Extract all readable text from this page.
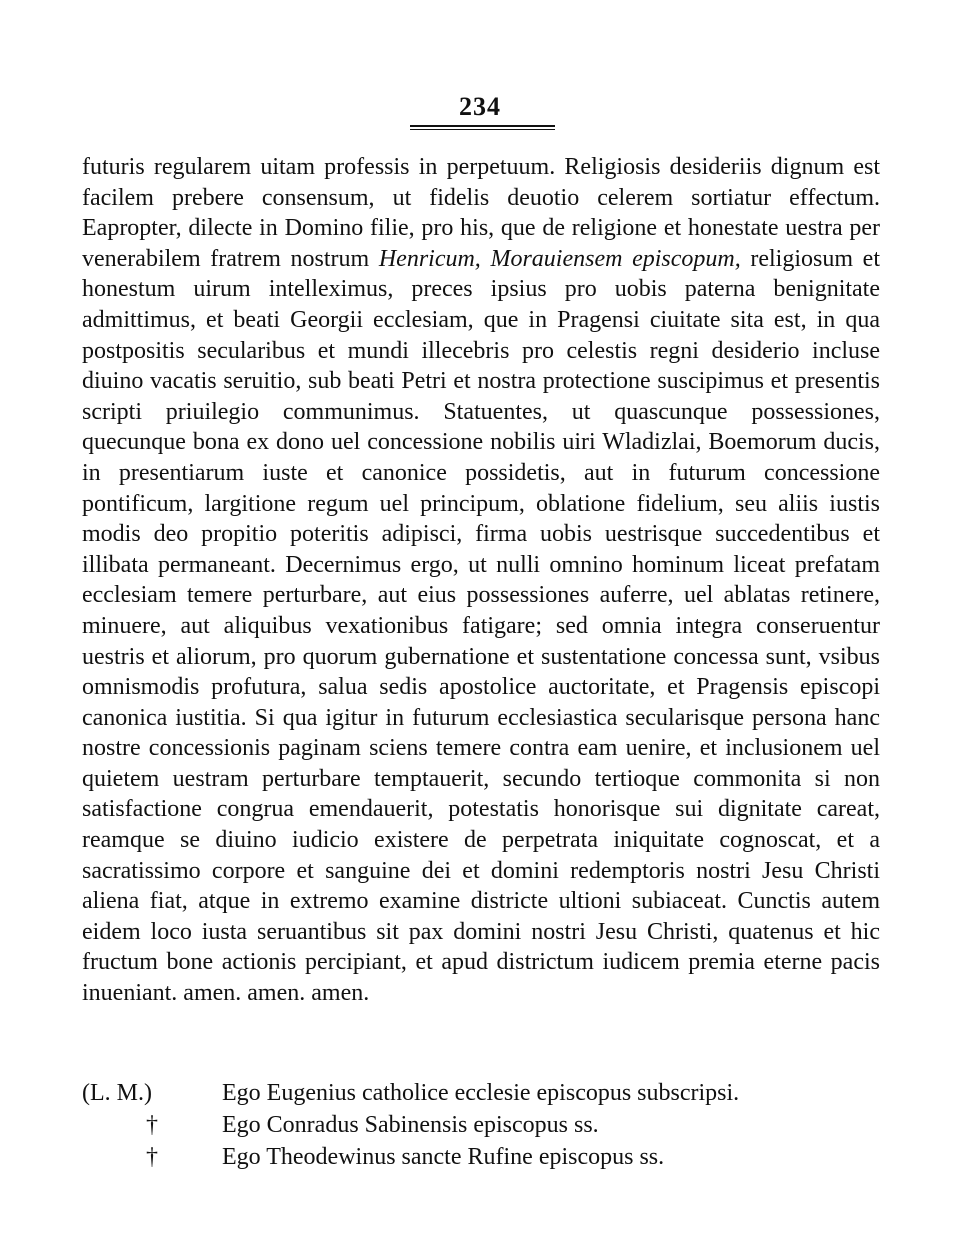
234

futuris regularem uitam professis in perpetuum. Religiosis desideriis dignum est facilem prebere consensum, ut fidelis deuotio celerem sortiatur effectum. Eapropter, dilecte in Domino filie, pro his, que de religione et honestate uestra per venerabilem fratrem nostrum Henricum, Morauiensem episcopum, religiosum et honestum uirum intelleximus, preces ipsius pro uobis paterna benignitate admittimus, et beati Georgii ecclesiam, que in Pragensi ciuitate sita est, in qua postpositis secularibus et mundi illecebris pro celestis regni desiderio incluse diuino vacatis seruitio, sub beati Petri et nostra protectione suscipimus et presentis scripti priuilegio communimus. Statuentes, ut quascunque possessiones, quecunque bona ex dono uel concessione nobilis uiri Wladizlai, Boemorum ducis, in presentiarum iuste et canonice possidetis, aut in futurum concessione pontificum, largitione regum uel principum, oblatione fidelium, seu aliis iustis modis deo propitio poteritis adipisci, firma uobis uestrisque succedentibus et illibata permaneant. Decernimus ergo, ut nulli omnino hominum liceat prefatam ecclesiam temere perturbare, aut eius possessiones auferre, uel ablatas retinere, minuere, aut aliquibus vexationibus fatigare; sed omnia integra conseruentur uestris et aliorum, pro quorum gubernatione et sustentatione concessa sunt, vsibus omnismodis profutura, salua sedis apostolice auctoritate, et Pragensis episcopi canonica iustitia. Si qua igitur in futurum ecclesiastica secularisque persona hanc nostre concessionis paginam sciens temere contra eam uenire, et inclusionem uel quietem uestram perturbare temptauerit, secundo tertioque commonita si non satisfactione congrua emendauerit, potestatis honorisque sui dignitate careat, reamque se diuino iudicio existere de perpetrata iniquitate cognoscat, et a sacratissimo corpore et sanguine dei et domini redemptoris nostri Jesu Christi aliena fiat, atque in extremo examine districte ultioni subiaceat. Cunctis autem eidem loco iusta seruantibus sit pax domini nostri Jesu Christi, quatenus et hic fructum bone actionis percipiant, et apud districtum iudicem premia eterne pacis inueniant. amen. amen. amen.

(L. M.)	Ego Eugenius catholice ecclesie episcopus subscripsi.
†	Ego Conradus Sabinensis episcopus ss.
†	Ego Theodewinus sancte Rufine episcopus ss.
